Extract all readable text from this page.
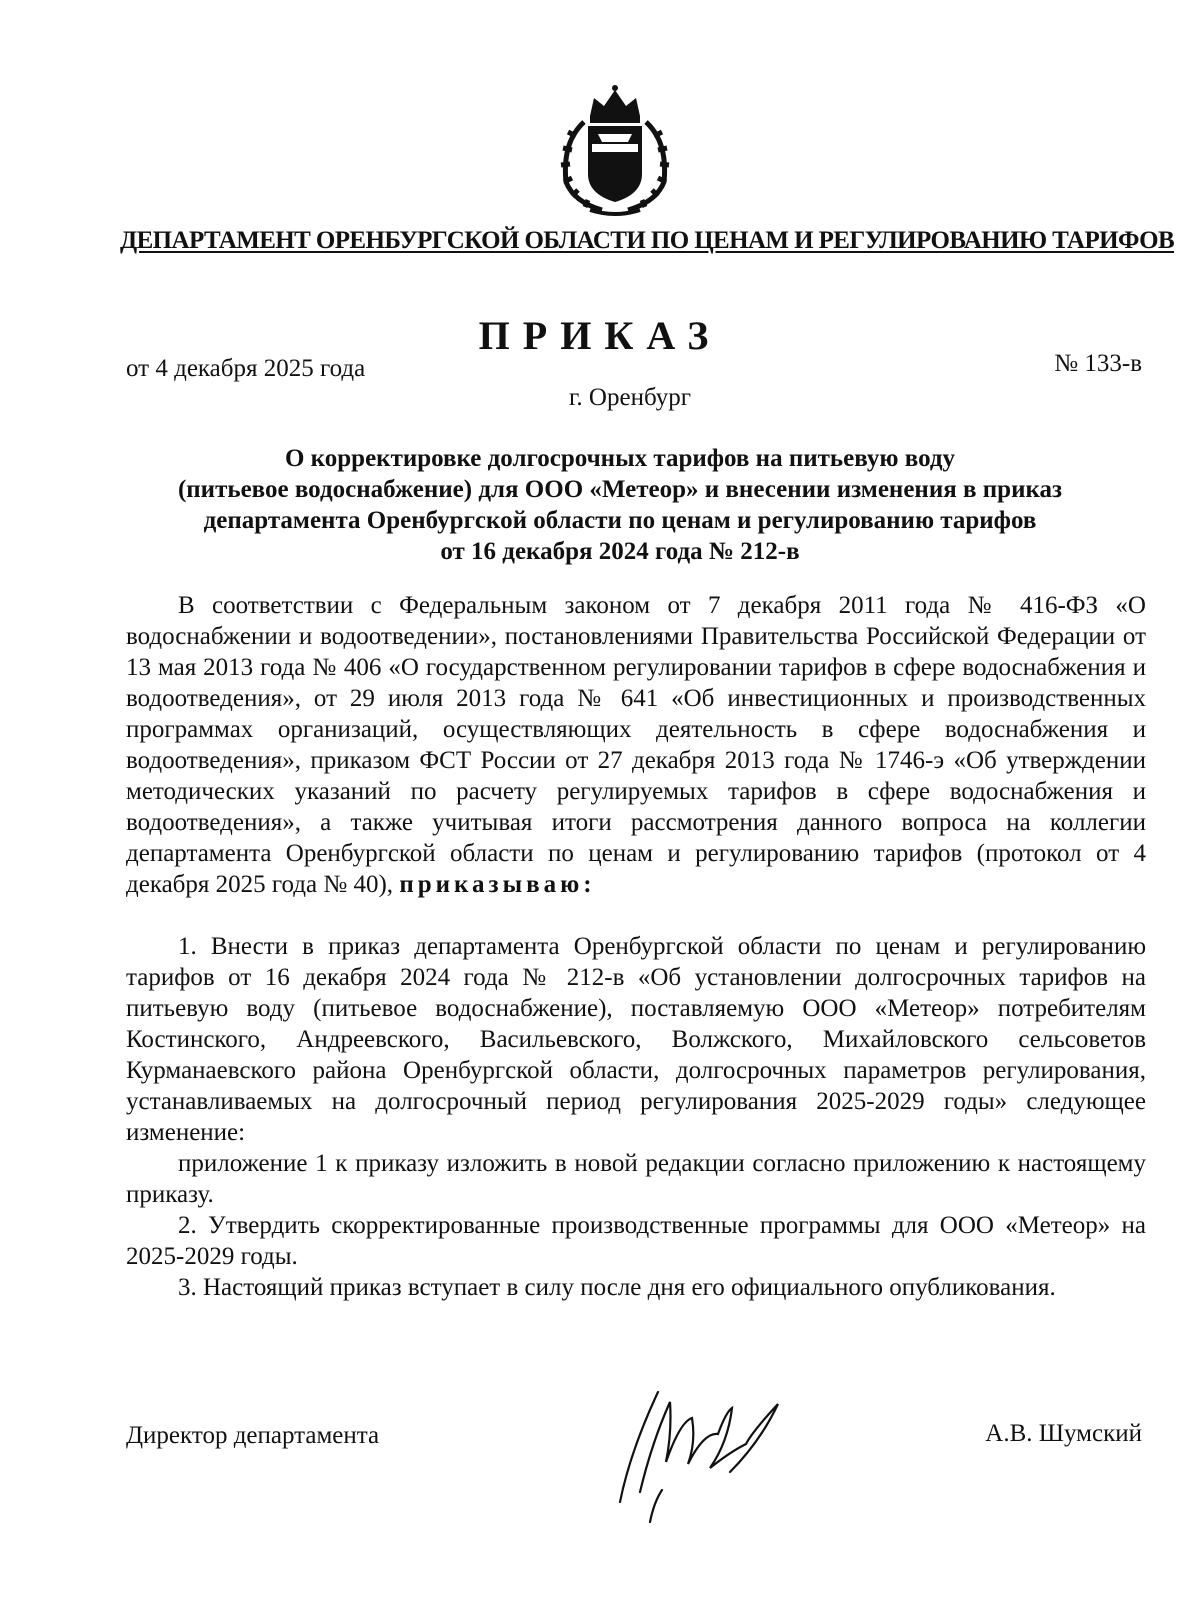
ДЕПАРТАМЕНТ ОРЕНБУРГСКОЙ ОБЛАСТИ ПО ЦЕНАМ И РЕГУЛИРОВАНИЮ ТАРИФОВ
ПРИКАЗ
от 4 декабря 2025 года	№ 133-в
г. Оренбург
О корректировке долгосрочных тарифов на питьевую воду
(питьевое водоснабжение) для ООО «Метеор» и внесении изменения в приказ
департамента Оренбургской области по ценам и регулированию тарифов
от 16 декабря 2024 года № 212-в

В соответствии с Федеральным законом от 7 декабря 2011 года № 416-ФЗ «О водоснабжении и водоотведении», постановлениями Правительства Российской Федерации от 13 мая 2013 года № 406 «О государственном регулировании тарифов в сфере водоснабжения и водоотведения», от 29 июля 2013 года № 641 «Об инвестиционных и производственных программах организаций, осуществляющих деятельность в сфере водоснабжения и водоотведения», приказом ФСТ России от 27 декабря 2013 года № 1746-э «Об утверждении методических указаний по расчету регулируемых тарифов в сфере водоснабжения и водоотведения», а также учитывая итоги рассмотрения данного вопроса на коллегии департамента Оренбургской области по ценам и регулированию тарифов (протокол от 4 декабря 2025 года № 40), приказываю:

1. Внести в приказ департамента Оренбургской области по ценам и регулированию тарифов от 16 декабря 2024 года № 212-в «Об установлении долгосрочных тарифов на питьевую воду (питьевое водоснабжение), поставляемую ООО «Метеор» потребителям Костинского, Андреевского, Васильевского, Волжского, Михайловского сельсоветов Курманаевского района Оренбургской области, долгосрочных параметров регулирования, устанавливаемых на долгосрочный период регулирования 2025-2029 годы» следующее изменение:

приложение 1 к приказу изложить в новой редакции согласно приложению к настоящему приказу.

2. Утвердить скорректированные производственные программы для ООО «Метеор» на 2025-2029 годы.

3. Настоящий приказ вступает в силу после дня его официального опубликования.

Директор департамента	А.В. Шумский
